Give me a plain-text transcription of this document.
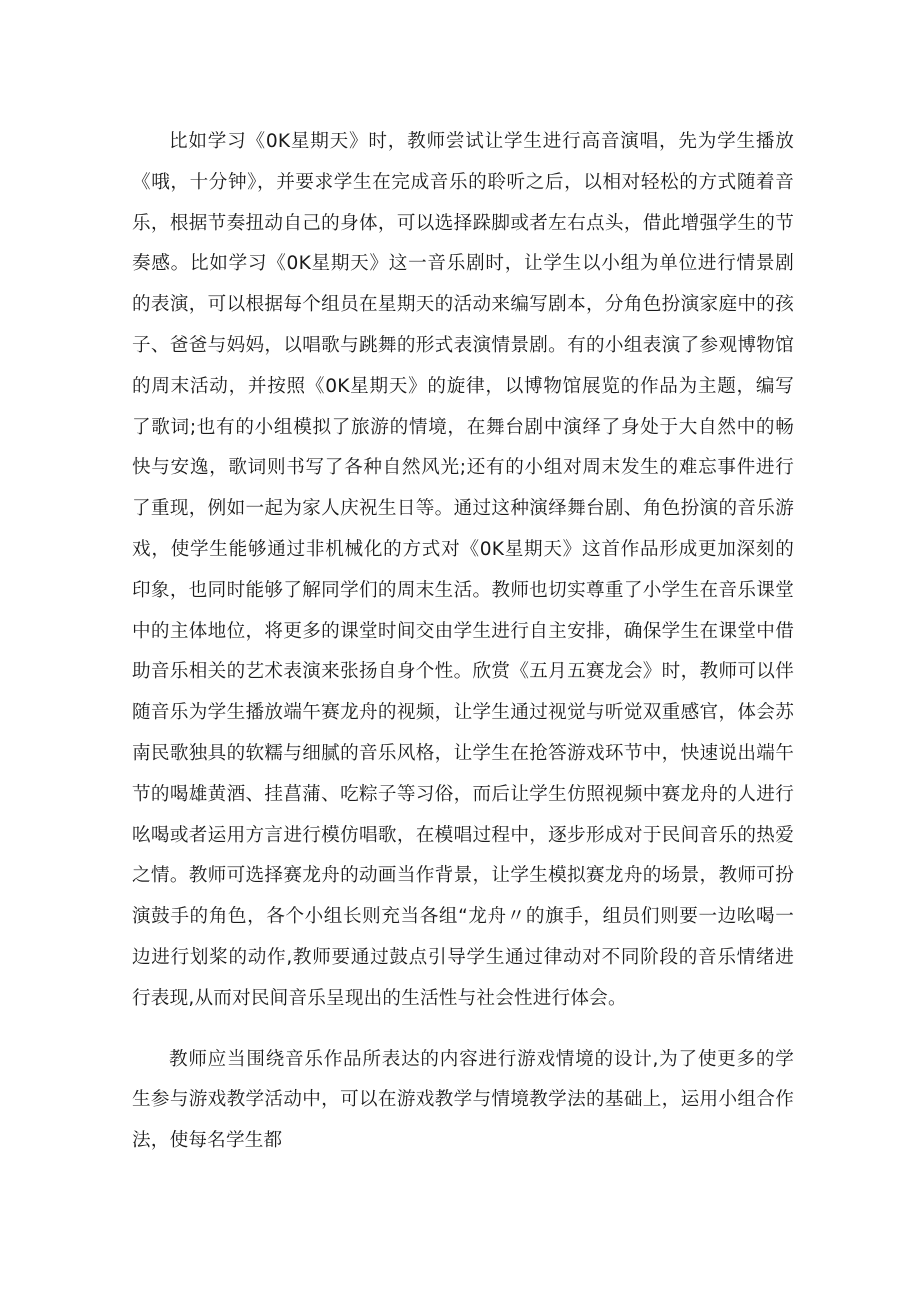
比如学习《0K星期天》时，教师尝试让学生进行高音演唱，先为学生播放《哦，十分钟》，并要求学生在完成音乐的聆听之后，以相对轻松的方式随着音乐，根据节奏扭动自己的身体，可以选择跺脚或者左右点头，借此增强学生的节奏感。比如学习《0K星期天》这一音乐剧时，让学生以小组为单位进行情景剧的表演，可以根据每个组员在星期天的活动来编写剧本，分角色扮演家庭中的孩子、爸爸与妈妈，以唱歌与跳舞的形式表演情景剧。有的小组表演了参观博物馆的周末活动，并按照《0K星期天》的旋律，以博物馆展览的作品为主题，编写了歌词;也有的小组模拟了旅游的情境，在舞台剧中演绎了身处于大自然中的畅快与安逸，歌词则书写了各种自然风光;还有的小组对周末发生的难忘事件进行了重现，例如一起为家人庆祝生日等。通过这种演绎舞台剧、角色扮演的音乐游戏，使学生能够通过非机械化的方式对《0K星期天》这首作品形成更加深刻的印象，也同时能够了解同学们的周末生活。教师也切实尊重了小学生在音乐课堂中的主体地位，将更多的课堂时间交由学生进行自主安排，确保学生在课堂中借助音乐相关的艺术表演来张扬自身个性。欣赏《五月五赛龙会》时，教师可以伴随音乐为学生播放端午赛龙舟的视频，让学生通过视觉与听觉双重感官，体会苏南民歌独具的软糯与细腻的音乐风格，让学生在抢答游戏环节中，快速说出端午节的喝雄黄酒、挂菖蒲、吃粽子等习俗，而后让学生仿照视频中赛龙舟的人进行吆喝或者运用方言进行模仿唱歌，在模唱过程中，逐步形成对于民间音乐的热爱之情。教师可选择赛龙舟的动画当作背景，让学生模拟赛龙舟的场景，教师可扮演鼓手的角色，各个小组长则充当各组“龙舟〃的旗手，组员们则要一边吆喝一边进行划桨的动作,教师要通过鼓点引导学生通过律动对不同阶段的音乐情绪进行表现,从而对民间音乐呈现出的生活性与社会性进行体会。

教师应当围绕音乐作品所表达的内容进行游戏情境的设计,为了使更多的学生参与游戏教学活动中，可以在游戏教学与情境教学法的基础上，运用小组合作法，使每名学生都
